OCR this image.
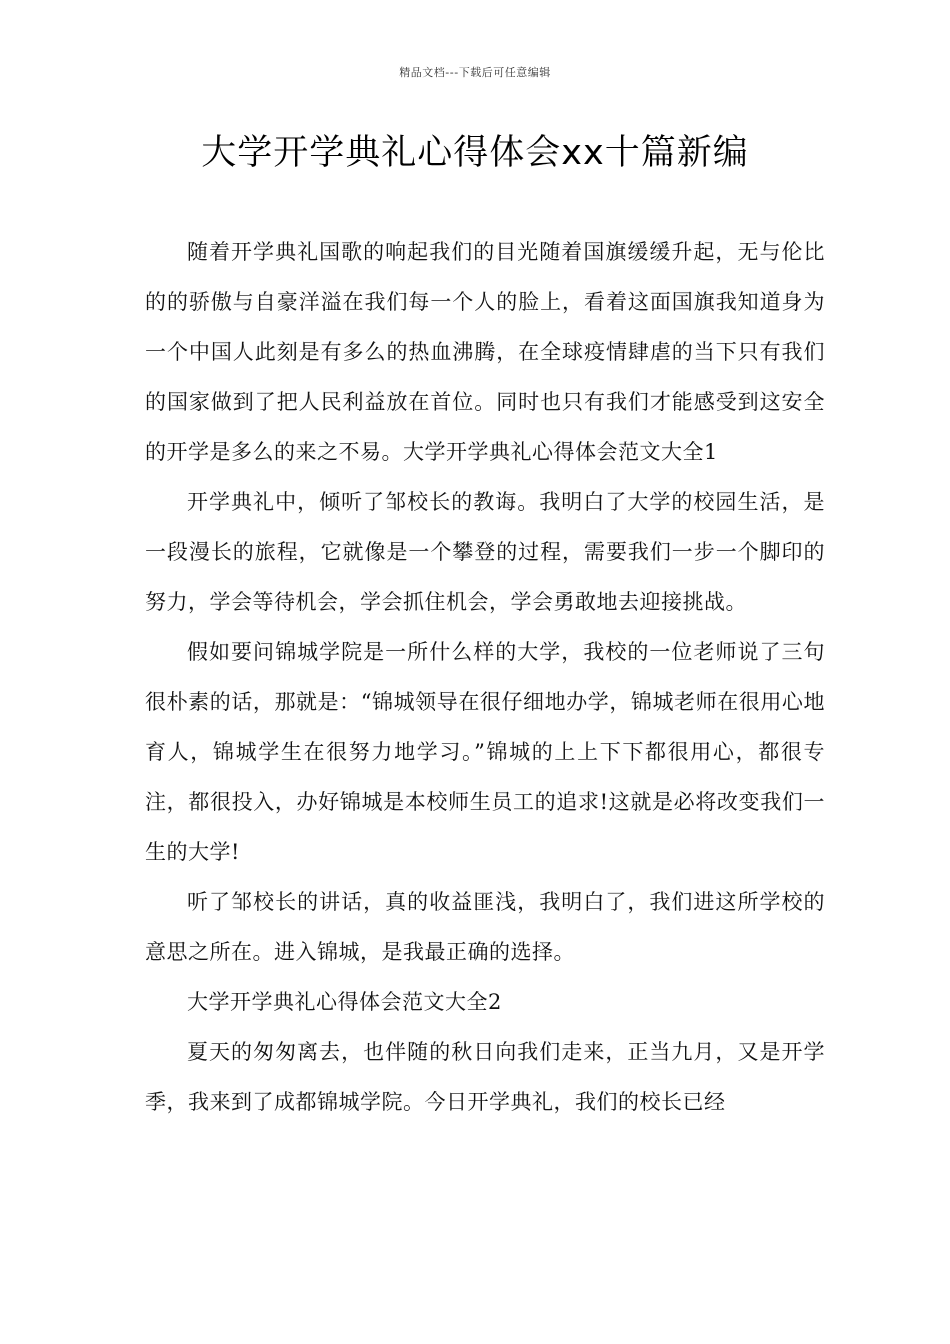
精品文档---下载后可任意编辑
大学开学典礼心得体会xx十篇新编

随着开学典礼国歌的响起我们的目光随着国旗缓缓升起，无与伦比的的骄傲与自豪洋溢在我们每一个人的脸上，看着这面国旗我知道身为一个中国人此刻是有多么的热血沸腾，在全球疫情肆虐的当下只有我们的国家做到了把人民利益放在首位。同时也只有我们才能感受到这安全的开学是多么的来之不易。大学开学典礼心得体会范文大全1

开学典礼中，倾听了邹校长的教诲。我明白了大学的校园生活，是一段漫长的旅程，它就像是一个攀登的过程，需要我们一步一个脚印的努力，学会等待机会，学会抓住机会，学会勇敢地去迎接挑战。

假如要问锦城学院是一所什么样的大学，我校的一位老师说了三句很朴素的话，那就是：“锦城领导在很仔细地办学，锦城老师在很用心地育人，锦城学生在很努力地学习。”锦城的上上下下都很用心，都很专注，都很投入，办好锦城是本校师生员工的追求!这就是必将改变我们一生的大学!

听了邹校长的讲话，真的收益匪浅，我明白了，我们进这所学校的意思之所在。进入锦城，是我最正确的选择。

大学开学典礼心得体会范文大全2

夏天的匆匆离去，也伴随的秋日向我们走来，正当九月，又是开学季，我来到了成都锦城学院。今日开学典礼，我们的校长已经
